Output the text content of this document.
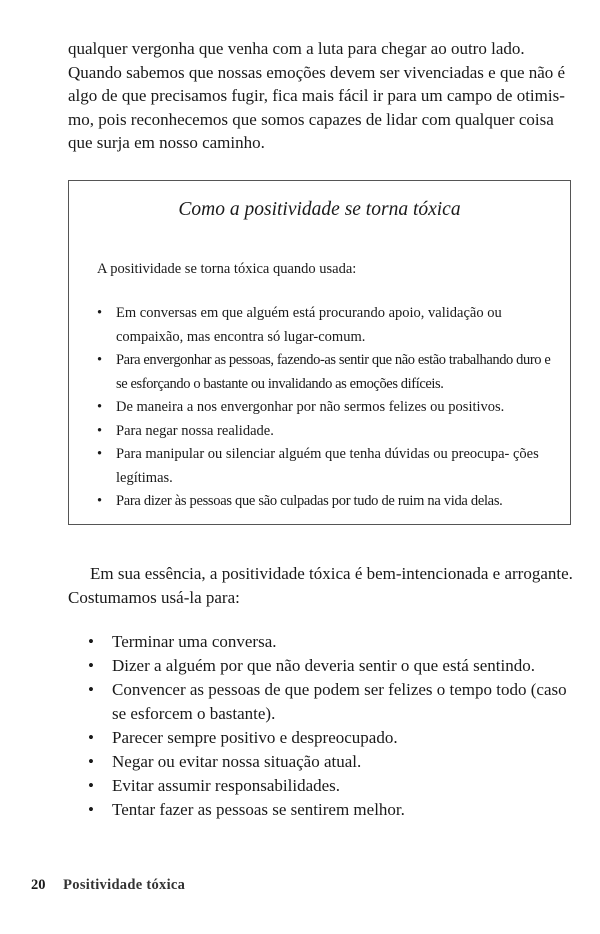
qualquer vergonha que venha com a luta para chegar ao outro lado.
Quando sabemos que nossas emoções devem ser vivenciadas e que não é
algo de que precisamos fugir, fica mais fácil ir para um campo de otimis-
mo, pois reconhecemos que somos capazes de lidar com qualquer coisa
que surja em nosso caminho.

Como a positividade se torna tóxica
A positividade se torna tóxica quando usada:
• Em conversas em que alguém está procurando apoio, validação ou compaixão, mas encontra só lugar-comum.
• Para envergonhar as pessoas, fazendo-as sentir que não estão trabalhando duro e se esforçando o bastante ou invalidando as emoções difíceis.
• De maneira a nos envergonhar por não sermos felizes ou positivos.
• Para negar nossa realidade.
• Para manipular ou silenciar alguém que tenha dúvidas ou preocupa- ções legítimas.
• Para dizer às pessoas que são culpadas por tudo de ruim na vida delas.

Em sua essência, a positividade tóxica é bem-intencionada e arrogante.
Costumamos usá-la para:

• Terminar uma conversa.
• Dizer a alguém por que não deveria sentir o que está sentindo.
• Convencer as pessoas de que podem ser felizes o tempo todo (caso se esforcem o bastante).
• Parecer sempre positivo e despreocupado.
• Negar ou evitar nossa situação atual.
• Evitar assumir responsabilidades.
• Tentar fazer as pessoas se sentirem melhor.
20 Positividade tóxica
